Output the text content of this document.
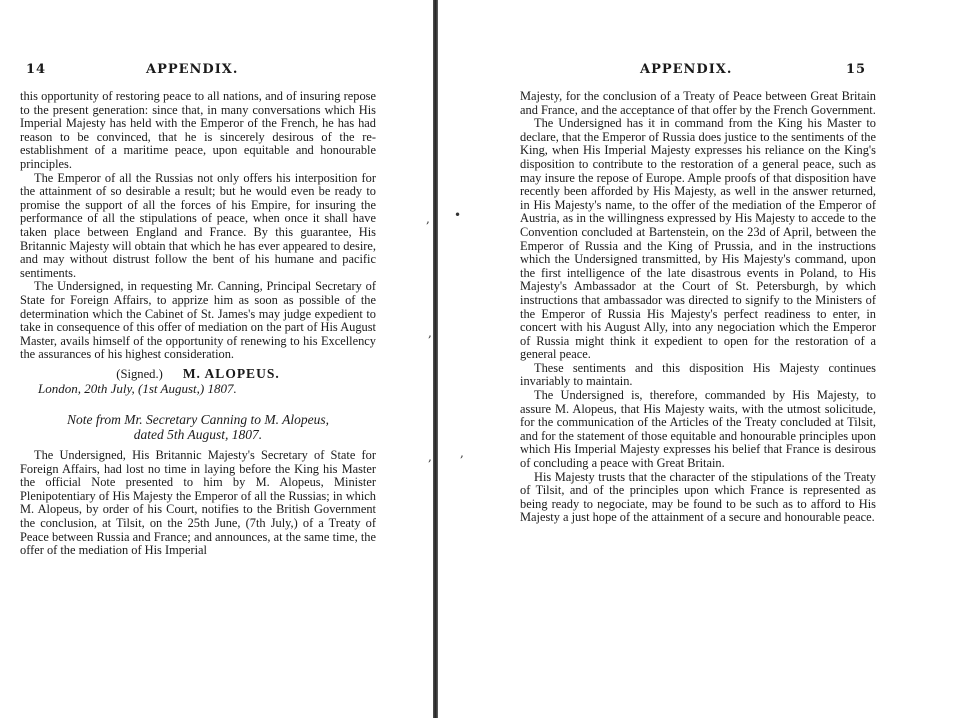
14	APPENDIX.

this opportunity of restoring peace to all nations, and of insuring repose to the present generation: since that, in many conversations which His Imperial Majesty has held with the Emperor of the French, he has had reason to be convinced, that he is sincerely desirous of the re-establishment of a maritime peace, upon equitable and honourable principles.

The Emperor of all the Russias not only offers his interposition for the attainment of so desirable a result; but he would even be ready to promise the support of all the forces of his Empire, for insuring the performance of all the stipulations of peace, when once it shall have taken place between England and France. By this guarantee, His Britannic Majesty will obtain that which he has ever appeared to desire, and may without distrust follow the bent of his humane and pacific sentiments.

The Undersigned, in requesting Mr. Canning, Principal Secretary of State for Foreign Affairs, to apprize him as soon as possible of the determination which the Cabinet of St. James's may judge expedient to take in consequence of this offer of mediation on the part of His August Master, avails himself of the opportunity of renewing to his Excellency the assurances of his highest consideration.

(Signed.) M. ALOPEUS.
London, 20th July, (1st August,) 1807.
Note from Mr. Secretary Canning to M. Alopeus,
dated 5th August, 1807.

The Undersigned, His Britannic Majesty's Secretary of State for Foreign Affairs, had lost no time in laying before the King his Master the official Note presented to him by M. Alopeus, Minister Plenipotentiary of His Majesty the Emperor of all the Russias; in which M. Alopeus, by order of his Court, notifies to the British Government the conclusion, at Tilsit, on the 25th June, (7th July,) of a Treaty of Peace between Russia and France; and announces, at the same time, the offer of the mediation of His Imperial

, •
,
, ,
APPENDIX.	15

Majesty, for the conclusion of a Treaty of Peace between Great Britain and France, and the acceptance of that offer by the French Government.

The Undersigned has it in command from the King his Master to declare, that the Emperor of Russia does justice to the sentiments of the King, when His Imperial Majesty expresses his reliance on the King's disposition to contribute to the restoration of a general peace, such as may insure the repose of Europe. Ample proofs of that disposition have recently been afforded by His Majesty, as well in the answer returned, in His Majesty's name, to the offer of the mediation of the Emperor of Austria, as in the willingness expressed by His Majesty to accede to the Convention concluded at Bartenstein, on the 23d of April, between the Emperor of Russia and the King of Prussia, and in the instructions which the Undersigned transmitted, by His Majesty's command, upon the first intelligence of the late disastrous events in Poland, to His Majesty's Ambassador at the Court of St. Petersburgh, by which instructions that ambassador was directed to signify to the Ministers of the Emperor of Russia His Majesty's perfect readiness to enter, in concert with his August Ally, into any negociation which the Emperor of Russia might think it expedient to open for the restoration of a general peace.

These sentiments and this disposition His Majesty continues invariably to maintain.

The Undersigned is, therefore, commanded by His Majesty, to assure M. Alopeus, that His Majesty waits, with the utmost solicitude, for the communication of the Articles of the Treaty concluded at Tilsit, and for the statement of those equitable and honourable principles upon which His Imperial Majesty expresses his belief that France is desirous of concluding a peace with Great Britain.

His Majesty trusts that the character of the stipulations of the Treaty of Tilsit, and of the principles upon which France is represented as being ready to negociate, may be found to be such as to afford to His Majesty a just hope of the attainment of a secure and honourable peace.
